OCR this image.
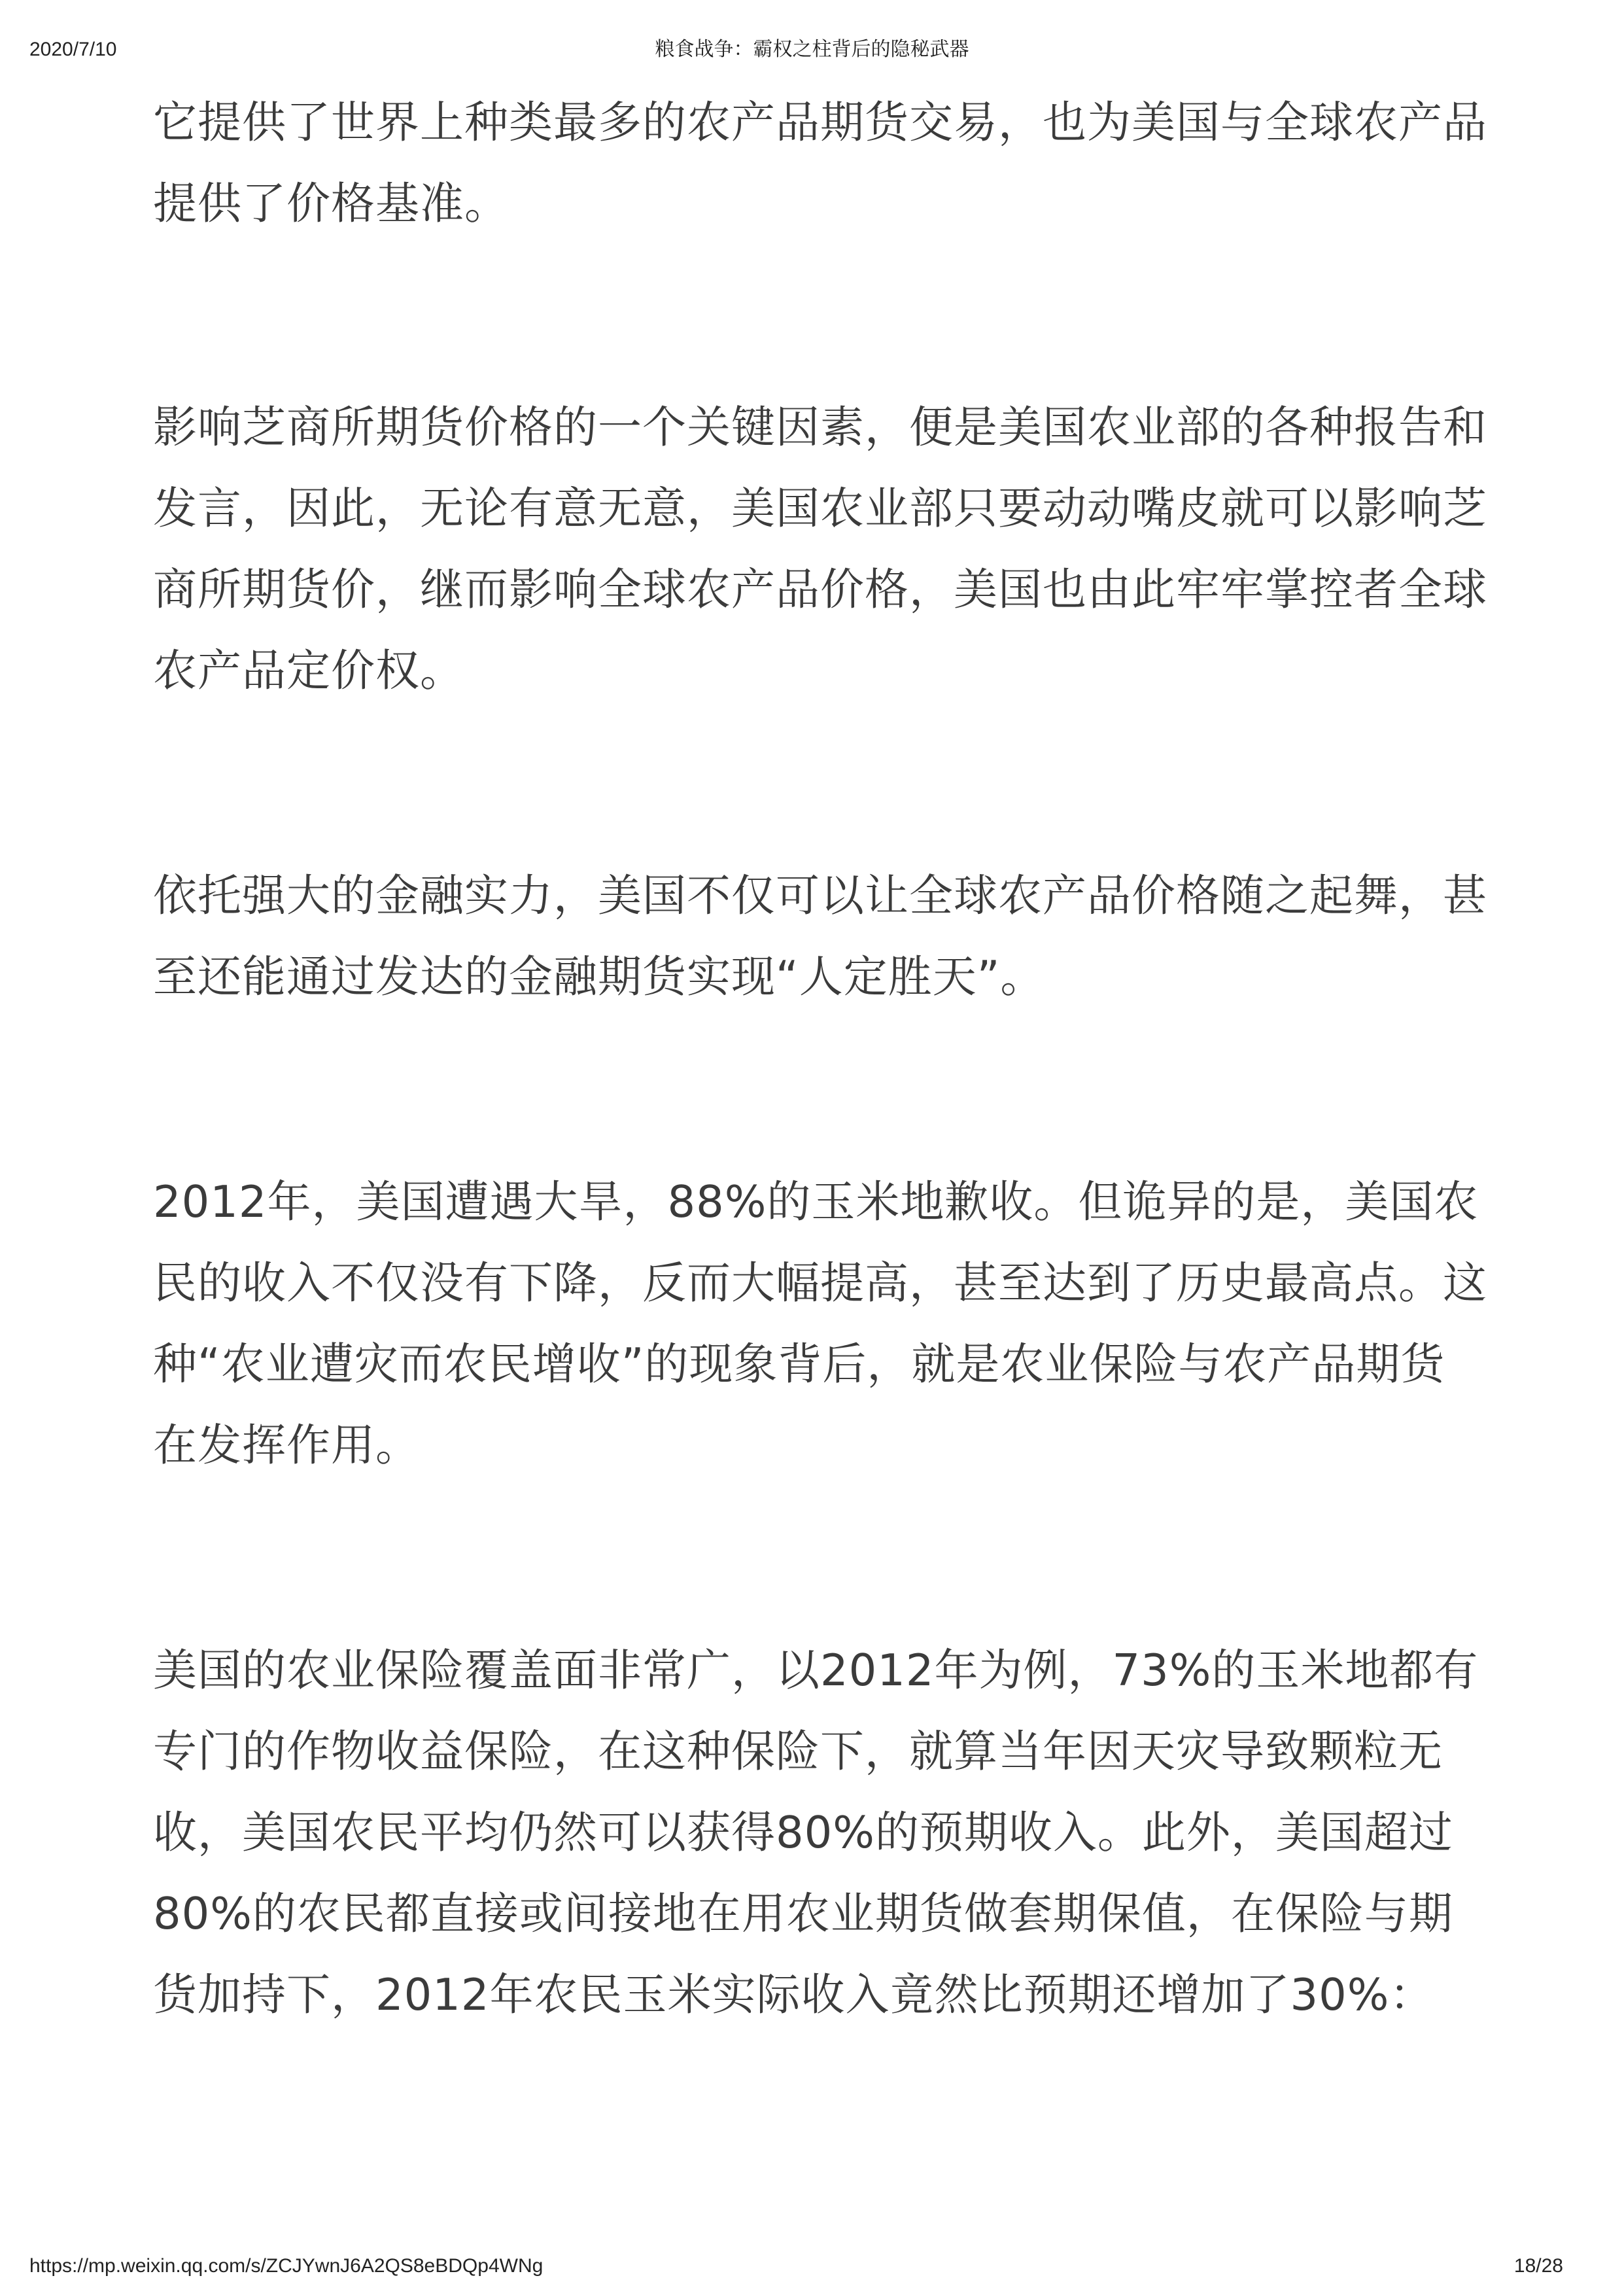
2020/7/10	粮食战争：霸权之柱背后的隐秘武器

它提供了世界上种类最多的农产品期货交易，也为美国与全球农产品提供了价格基准。

影响芝商所期货价格的一个关键因素，便是美国农业部的各种报告和发言，因此，无论有意无意，美国农业部只要动动嘴皮就可以影响芝商所期货价，继而影响全球农产品价格，美国也由此牢牢掌控者全球农产品定价权。

依托强大的金融实力，美国不仅可以让全球农产品价格随之起舞，甚至还能通过发达的金融期货实现“人定胜天”。

2012年，美国遭遇大旱，88%的玉米地歉收。但诡异的是，美国农民的收入不仅没有下降，反而大幅提高，甚至达到了历史最高点。这种“农业遭灾而农民增收”的现象背后，就是农业保险与农产品期货在发挥作用。

美国的农业保险覆盖面非常广，以2012年为例，73%的玉米地都有专门的作物收益保险，在这种保险下，就算当年因天灾导致颗粒无收，美国农民平均仍然可以获得80%的预期收入。此外，美国超过80%的农民都直接或间接地在用农业期货做套期保值，在保险与期货加持下，2012年农民玉米实际收入竟然比预期还增加了30%：

https://mp.weixin.qq.com/s/ZCJYwnJ6A2QS8eBDQp4WNg	18/28
